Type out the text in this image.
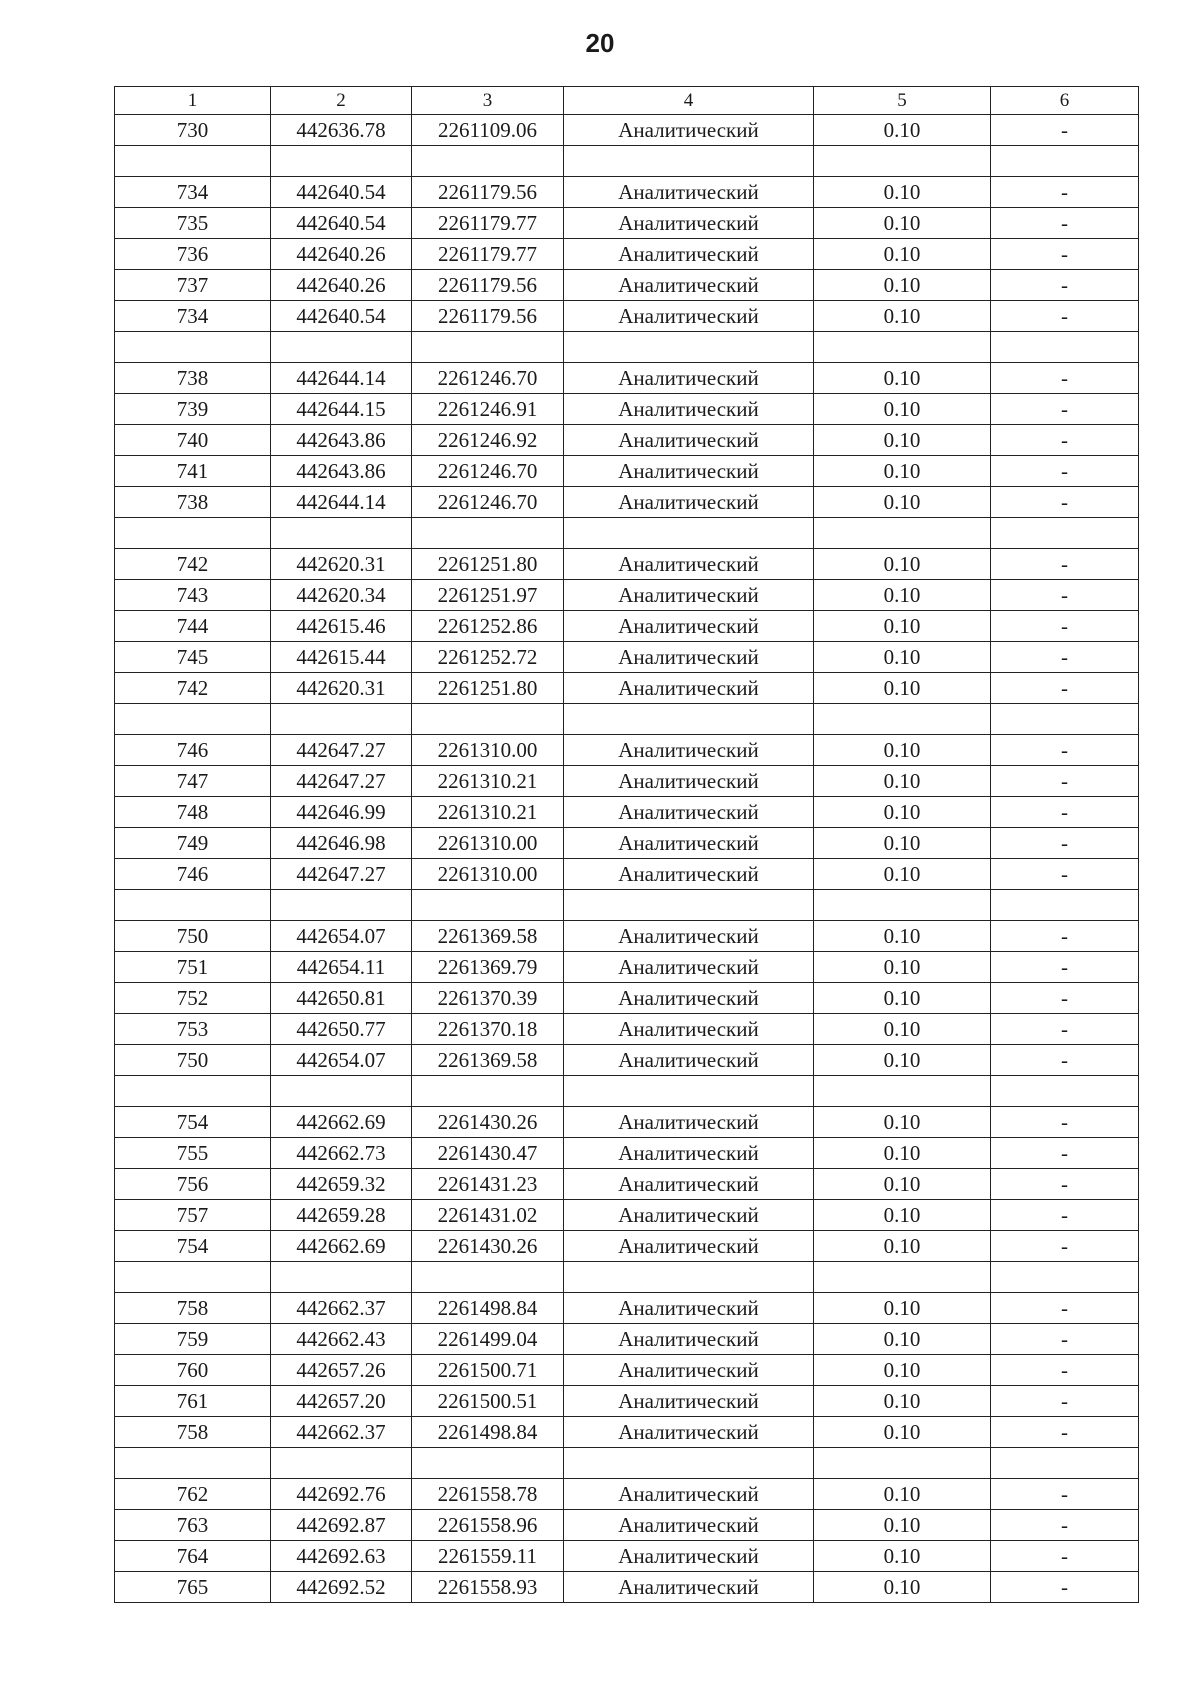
20
1	2	3	4	5	6
730	442636.78	2261109.06	Аналитический	0.10	-

734	442640.54	2261179.56	Аналитический	0.10	-
735	442640.54	2261179.77	Аналитический	0.10	-
736	442640.26	2261179.77	Аналитический	0.10	-
737	442640.26	2261179.56	Аналитический	0.10	-
734	442640.54	2261179.56	Аналитический	0.10	-

738	442644.14	2261246.70	Аналитический	0.10	-
739	442644.15	2261246.91	Аналитический	0.10	-
740	442643.86	2261246.92	Аналитический	0.10	-
741	442643.86	2261246.70	Аналитический	0.10	-
738	442644.14	2261246.70	Аналитический	0.10	-

742	442620.31	2261251.80	Аналитический	0.10	-
743	442620.34	2261251.97	Аналитический	0.10	-
744	442615.46	2261252.86	Аналитический	0.10	-
745	442615.44	2261252.72	Аналитический	0.10	-
742	442620.31	2261251.80	Аналитический	0.10	-

746	442647.27	2261310.00	Аналитический	0.10	-
747	442647.27	2261310.21	Аналитический	0.10	-
748	442646.99	2261310.21	Аналитический	0.10	-
749	442646.98	2261310.00	Аналитический	0.10	-
746	442647.27	2261310.00	Аналитический	0.10	-

750	442654.07	2261369.58	Аналитический	0.10	-
751	442654.11	2261369.79	Аналитический	0.10	-
752	442650.81	2261370.39	Аналитический	0.10	-
753	442650.77	2261370.18	Аналитический	0.10	-
750	442654.07	2261369.58	Аналитический	0.10	-

754	442662.69	2261430.26	Аналитический	0.10	-
755	442662.73	2261430.47	Аналитический	0.10	-
756	442659.32	2261431.23	Аналитический	0.10	-
757	442659.28	2261431.02	Аналитический	0.10	-
754	442662.69	2261430.26	Аналитический	0.10	-

758	442662.37	2261498.84	Аналитический	0.10	-
759	442662.43	2261499.04	Аналитический	0.10	-
760	442657.26	2261500.71	Аналитический	0.10	-
761	442657.20	2261500.51	Аналитический	0.10	-
758	442662.37	2261498.84	Аналитический	0.10	-

762	442692.76	2261558.78	Аналитический	0.10	-
763	442692.87	2261558.96	Аналитический	0.10	-
764	442692.63	2261559.11	Аналитический	0.10	-
765	442692.52	2261558.93	Аналитический	0.10	-
